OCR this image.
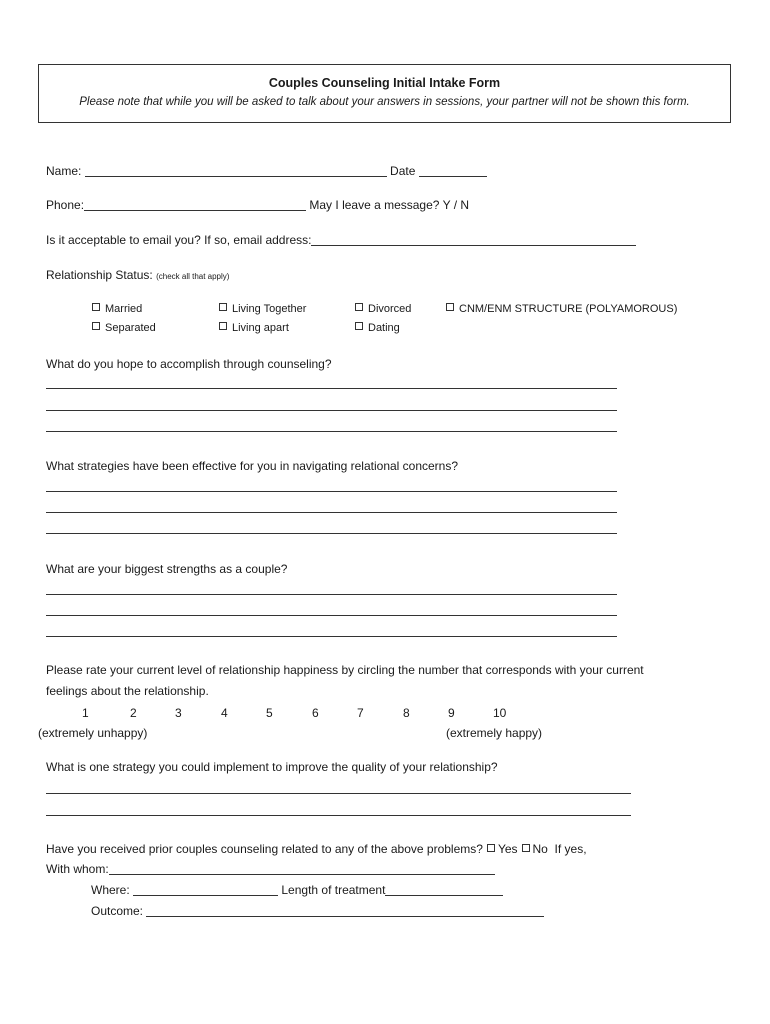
Couples Counseling Initial Intake Form
Please note that while you will be asked to talk about your answers in sessions, your partner will not be shown this form.
Name:	Date
Phone:	May I leave a message? Y / N
Is it acceptable to email you? If so, email address:
Relationship Status: (check all that apply)
Married
Separated
Living Together
Living apart
Divorced
Dating
CNM/ENM STRUCTURE (POLYAMOROUS)
What do you hope to accomplish through counseling?
What strategies have been effective for you in navigating relational concerns?
What are your biggest strengths as a couple?
Please rate your current level of relationship happiness by circling the number that corresponds with your current
feelings about the relationship.
1	2	3	4	5	6	7	8	9	10
(extremely unhappy)	(extremely happy)
What is one strategy you could implement to improve the quality of your relationship?
Have you received prior couples counseling related to any of the above problems? Yes No If yes,
With whom:
Where:	Length of treatment
Outcome:
